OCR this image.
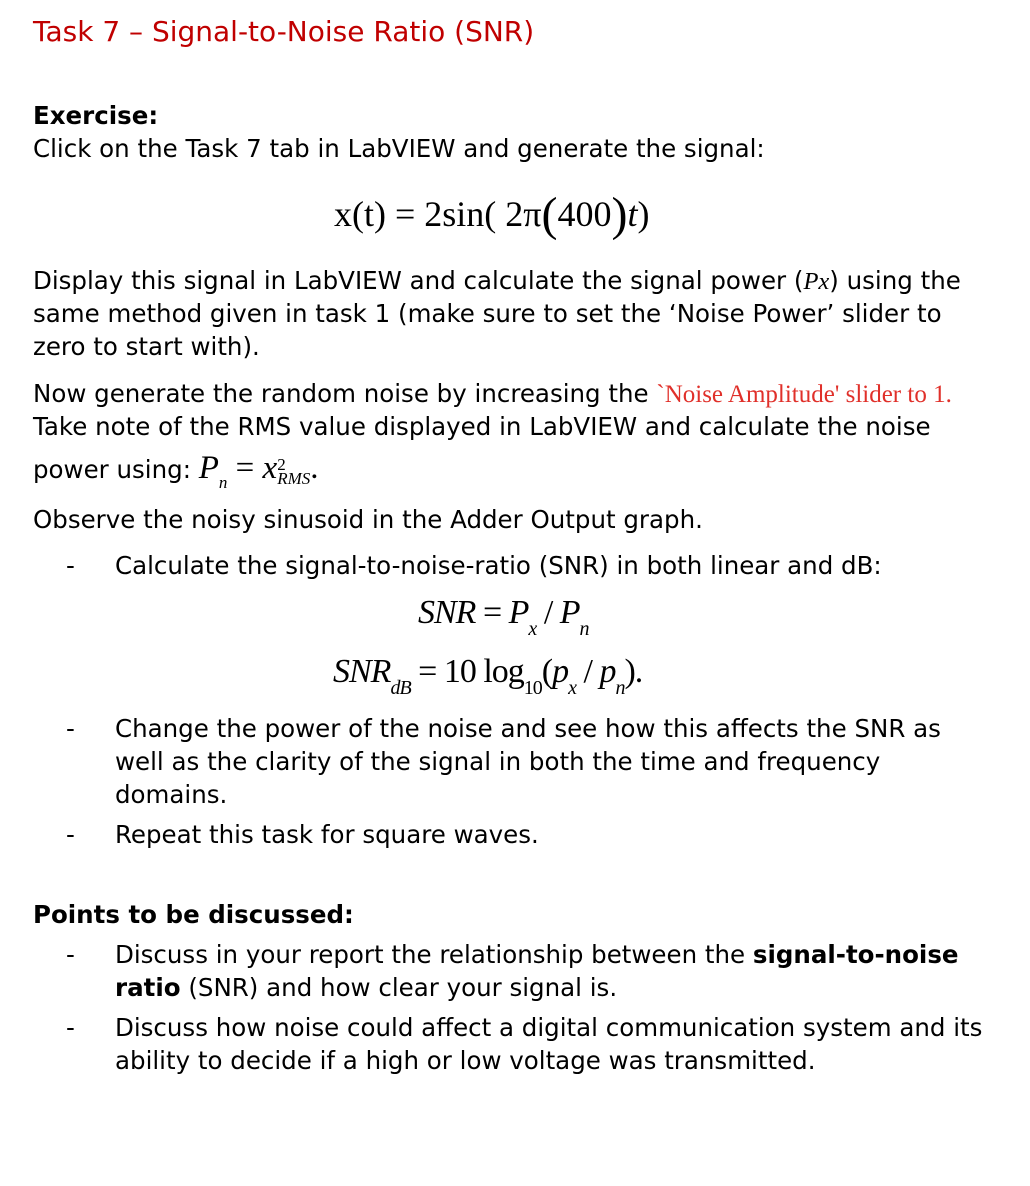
Task 7 – Signal-to-Noise Ratio (SNR)
Exercise:
Click on the Task 7 tab in LabVIEW and generate the signal:
x(t) = 2sin( 2π(400)t)
Display this signal in LabVIEW and calculate the signal power (Px) using the
same method given in task 1 (make sure to set the ‘Noise Power’ slider to
zero to start with).
Now generate the random noise by increasing the `Noise Amplitude' slider to 1.
Take note of the RMS value displayed in LabVIEW and calculate the noise
power using: $P_n = x$ 2
RMS .
Observe the noisy sinusoid in the Adder Output graph.
- Calculate the signal-to-noise-ratio (SNR) in both linear and dB:
SNR = $P_x / P_n$
$SNR_{dB} = 10$ $\log_{10}(p_x / p_n)$.
- Change the power of the noise and see how this affects the SNR as
well as the clarity of the signal in both the time and frequency
domains.
- Repeat this task for square waves.
Points to be discussed:
- Discuss in your report the relationship between the signal-to-noise
ratio (SNR) and how clear your signal is.
- Discuss how noise could affect a digital communication system and its
ability to decide if a high or low voltage was transmitted.
